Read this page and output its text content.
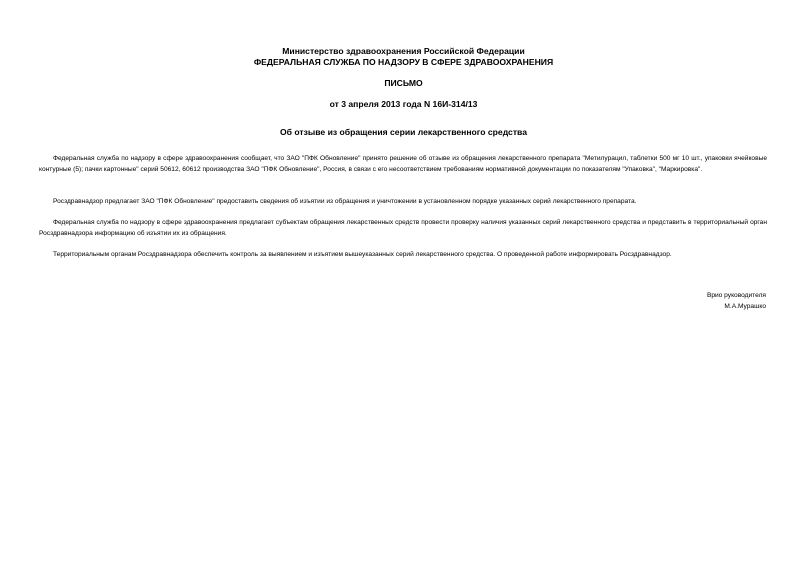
Министерство здравоохранения Российской Федерации
ФЕДЕРАЛЬНАЯ СЛУЖБА ПО НАДЗОРУ В СФЕРЕ ЗДРАВООХРАНЕНИЯ
ПИСЬМО
от 3 апреля 2013 года N 16И-314/13
Об отзыве из обращения серии лекарственного средства

Федеральная служба по надзору в сфере здравоохранения сообщает, что ЗАО "ПФК Обновление" принято решение об отзыве из обращения лекарственного препарата "Метилурацил, таблетки 500 мг 10 шт., упаковки ячейковые контурные (5); пачки картонные" серий 50612, 60612 производства ЗАО "ПФК Обновление", Россия, в связи с его несоответствием требованиям нормативной документации по показателям "Упаковка", "Маркировка".

Росздравнадзор предлагает ЗАО "ПФК Обновление" предоставить сведения об изъятии из обращения и уничтожении в установленном порядке указанных серий лекарственного препарата.

Федеральная служба по надзору в сфере здравоохранения предлагает субъектам обращения лекарственных средств провести проверку наличия указанных серий лекарственного средства и представить в территориальный орган Росздравнадзора информацию об изъятии их из обращения.

Территориальным органам Росздравнадзора обеспечить контроль за выявлением и изъятием вышеуказанных серий лекарственного средства. О проведенной работе информировать Росздравнадзор.

Врио руководителя
М.А.Мурашко
